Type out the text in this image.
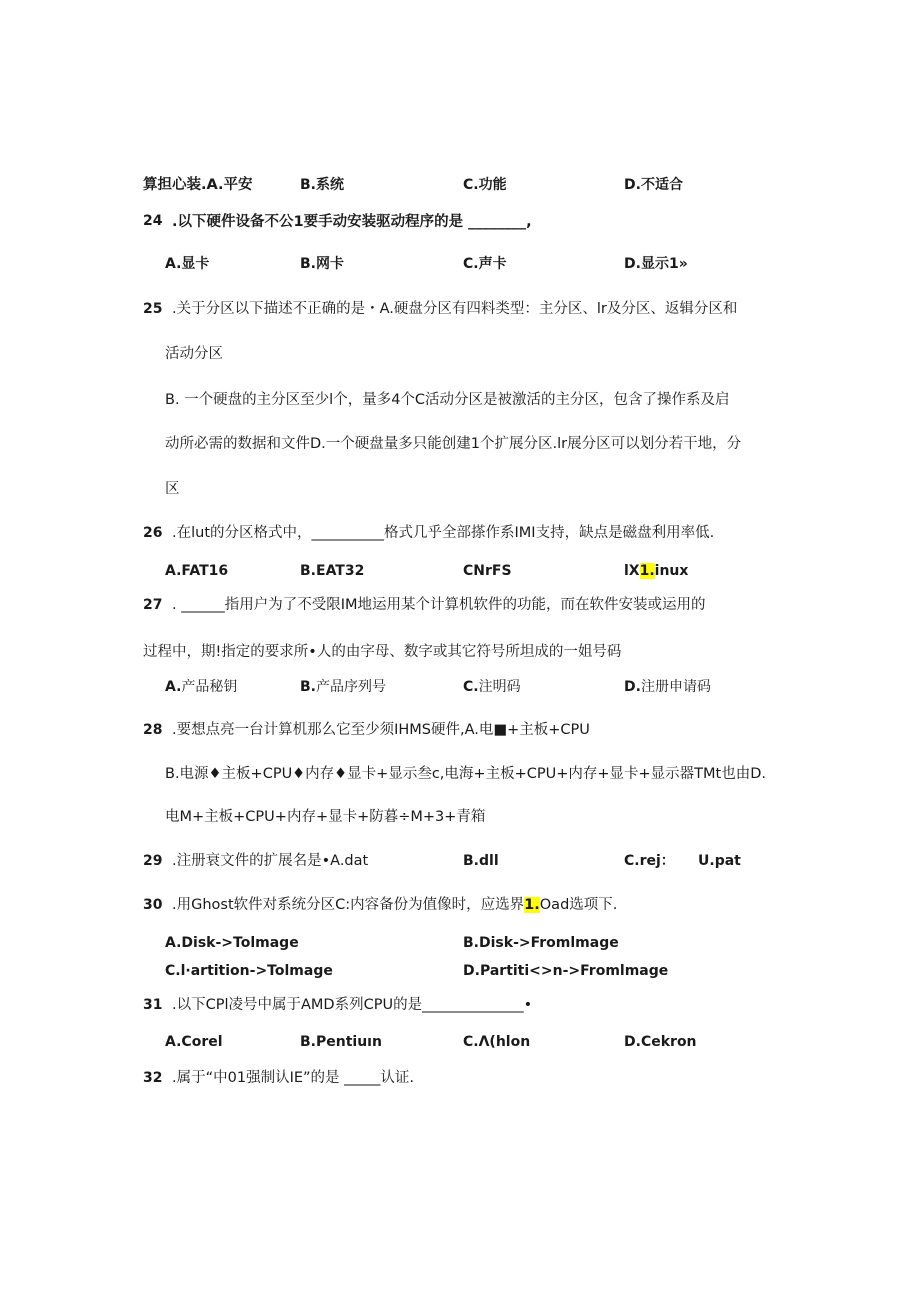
算担心装.A.平安	B.系统	C.功能	D.不适合
24 .以下硬件设备不公1要手动安装驱动程序的是 ________,
A.显卡	B.网卡	C.声卡	D.显示1»
25 .关于分区以下描述不正确的是・A.硬盘分区有四料类型：主分区、lr及分区、返辑分区和
活动分区
B. 一个硬盘的主分区至少l个，量多4个C活动分区是被激活的主分区，包含了操作系及启
动所必需的数据和文件D.一个硬盘量多只能创建1个扩展分区.lr展分区可以划分若干地，分
区
26 .在lut的分区格式中，__________格式几乎全部搽作系IMI支持，缺点是磁盘利用率低.
A.FAT16	B.EAT32	CNrFS	lX1.inux
27 . ______指用户为了不受限IM地运用某个计算机软件的功能，而在软件安装或运用的
过程中，期!指定的要求所•人的由字母、数字或其它符号所坦成的一姐号码
A.产品秘钥	B.产品序列号	C.注明码	D.注册申请码
28 .要想点亮一台计算机那么它至少须IHMS硬件,A.电■+主板+CPU
B.电源♦主板+CPU♦内存♦显卡+显示叁c,电海+主板+CPU+内存+显卡+显示器TMt也由D.
电M+主板+CPU+内存+显卡+防暮÷M+3+青箱
29 .注册衰文件的扩展名是•A.dat	B.dll	C.rej： U.pat
30 .用Ghost软件对系统分区C:内容备份为值像时，应选界1.Oad选项下.
A.Disk->Tolmage	B.Disk->Fromlmage
C.l·artition->Tolmage	D.Partiti<>n->Fromlmage
31 .以下CPl凌号中属于AMD系列CPU的是______________•
A.Corel	B.Pentiuın	C.Λ(hlon	D.Cekron
32 .属于“中01强制认IE”的是 _____认证.
